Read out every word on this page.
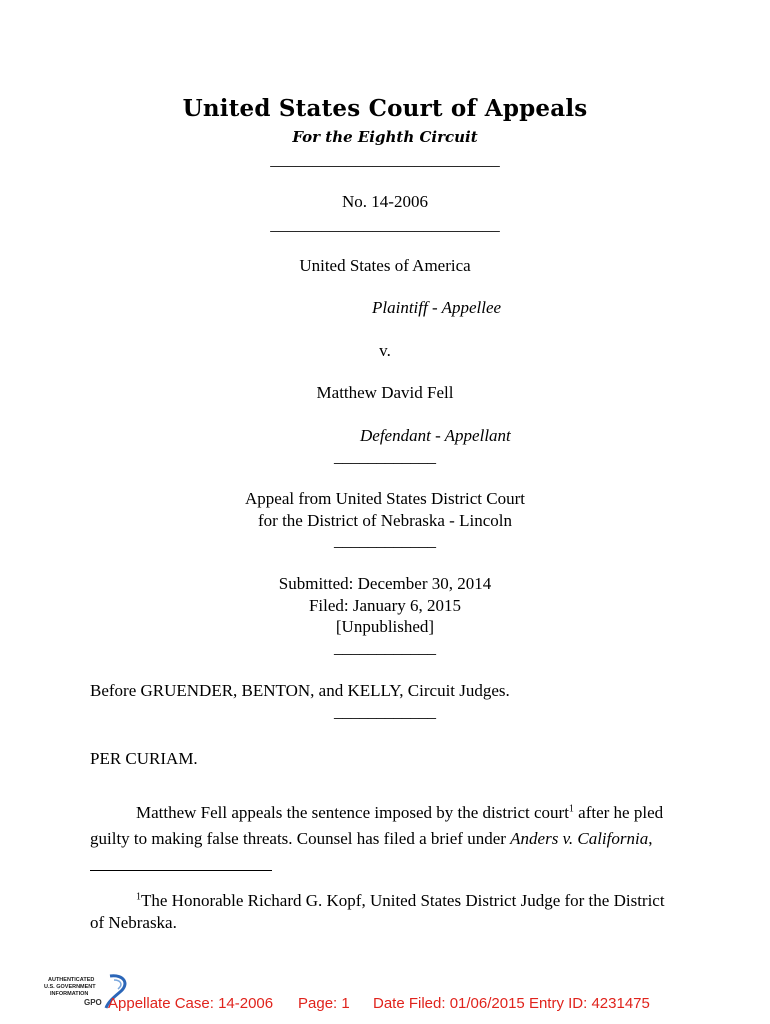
United States Court of Appeals
For the Eighth Circuit
___________________________
No. 14-2006
___________________________
United States of America
Plaintiff - Appellee
v.
Matthew David Fell
Defendant - Appellant
____________
Appeal from United States District Court
for the District of Nebraska - Lincoln
____________
Submitted: December 30, 2014
Filed: January 6, 2015
[Unpublished]
____________
Before GRUENDER, BENTON, and KELLY, Circuit Judges.
____________
PER CURIAM.
Matthew Fell appeals the sentence imposed by the district court$^1$ after he pled
guilty to making false threats. Counsel has filed a brief under Anders v. California,
$^1$The Honorable Richard G. Kopf, United States District Judge for the District
of Nebraska.
AUTHENTICATED
U.S. GOVERNMENT
INFORMATION
GPO Appellate Case: 14-2006 Page: 1 Date Filed: 01/06/2015 Entry ID: 4231475
